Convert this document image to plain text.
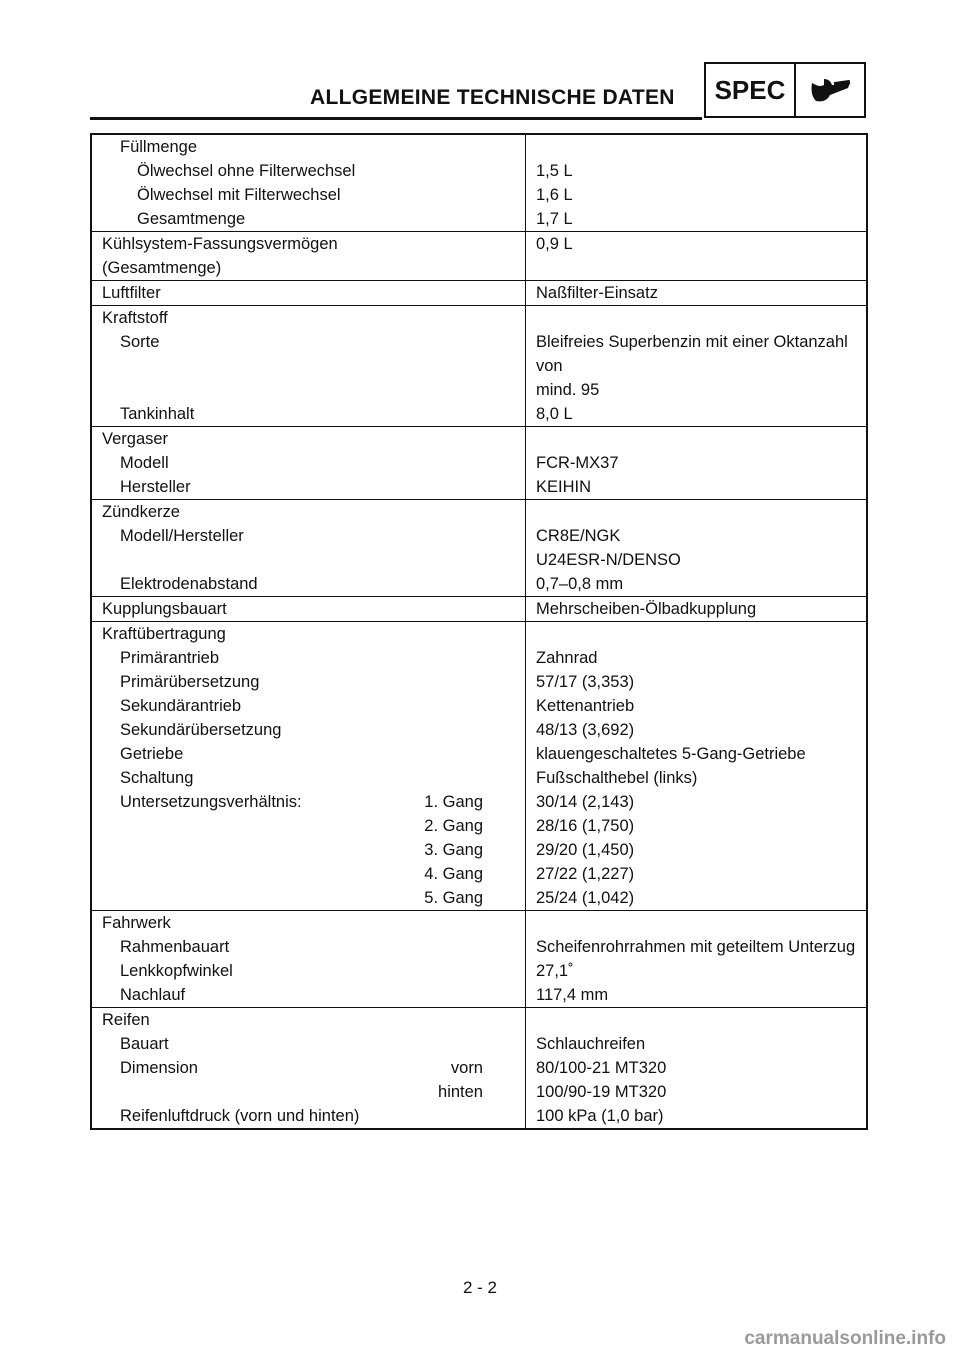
ALLGEMEINE TECHNISCHE DATEN	SPEC
Füllmenge	
Ölwechsel ohne Filterwechsel	1,5 L
Ölwechsel mit Filterwechsel	1,6 L
Gesamtmenge	1,7 L
Kühlsystem-Fassungsvermögen	0,9 L
(Gesamtmenge)	
Luftfilter	Naßfilter-Einsatz
Kraftstoff	
Sorte	Bleifreies Superbenzin mit einer Oktanzahl von
	mind. 95
Tankinhalt	8,0 L
Vergaser	
Modell	FCR-MX37
Hersteller	KEIHIN
Zündkerze	
Modell/Hersteller	CR8E/NGK
	U24ESR-N/DENSO
Elektrodenabstand	0,7–0,8 mm
Kupplungsbauart	Mehrscheiben-Ölbadkupplung
Kraftübertragung	
Primärantrieb	Zahnrad
Primärübersetzung	57/17 (3,353)
Sekundärantrieb	Kettenantrieb
Sekundärübersetzung	48/13 (3,692)
Getriebe	klauengeschaltetes 5-Gang-Getriebe
Schaltung	Fußschalthebel (links)

Untersetzungsverhältnis: 1. Gang	30/14 (2,143)

2. Gang	28/16 (1,750)

3. Gang	29/20 (1,450)

4. Gang	27/22 (1,227)

5. Gang	25/24 (1,042)
Fahrwerk	
Rahmenbauart	Scheifenrohrrahmen mit geteiltem Unterzug
Lenkkopfwinkel	27,1˚
Nachlauf	117,4 mm
Reifen	
Bauart	Schlauchreifen

Dimension vorn	80/100-21 MT320

hinten	100/90-19 MT320
Reifenluftdruck (vorn und hinten)	100 kPa (1,0 bar)
2 - 2
carmanualsonline.info
